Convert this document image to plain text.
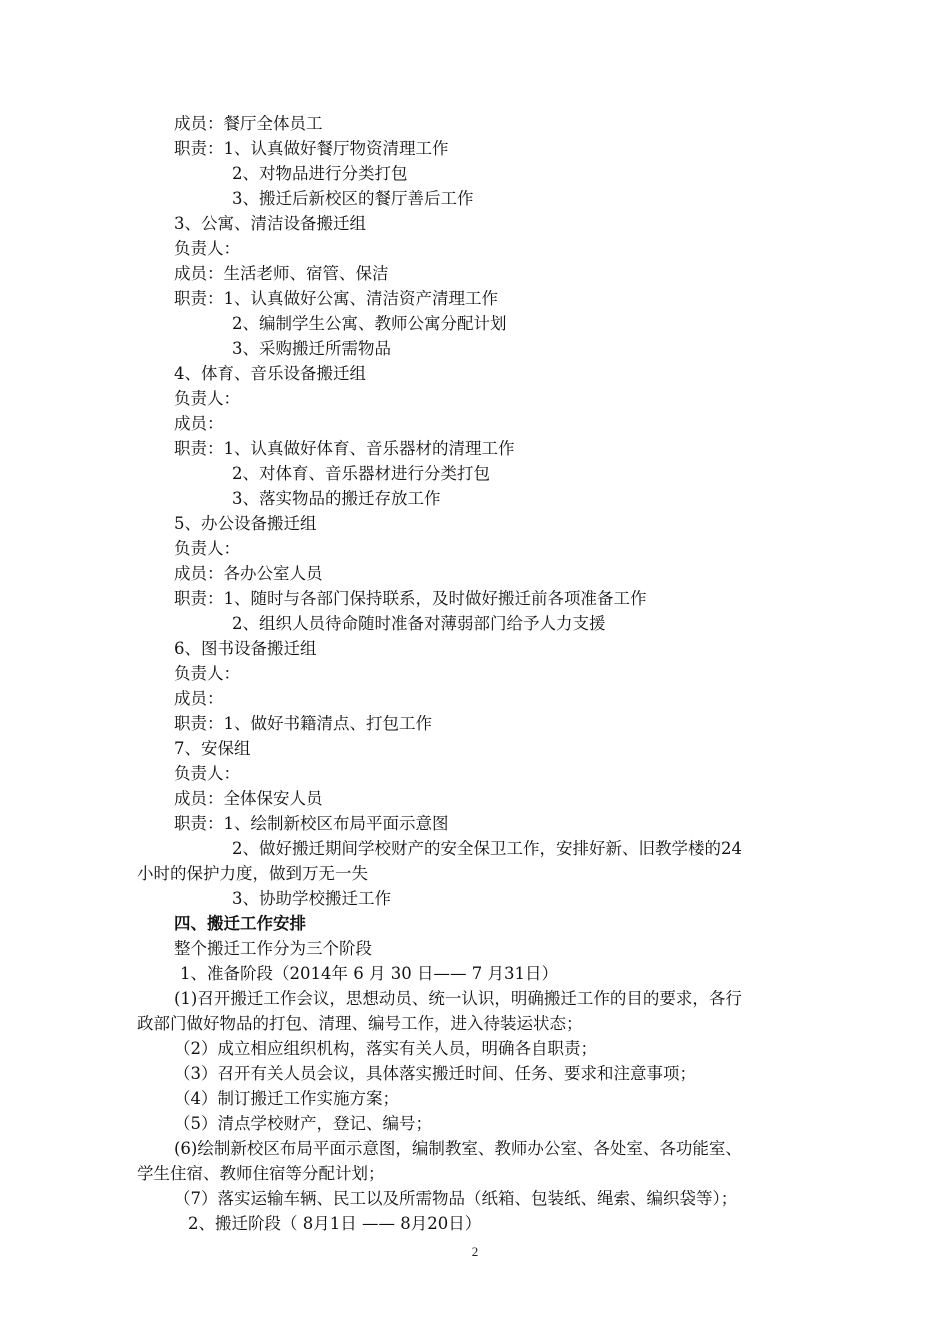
成员：餐厅全体员工
职责：1、认真做好餐厅物资清理工作
2、对物品进行分类打包
3、搬迁后新校区的餐厅善后工作
3、公寓、清洁设备搬迁组
负责人：
成员：生活老师、宿管、保洁
职责：1、认真做好公寓、清洁资产清理工作
2、编制学生公寓、教师公寓分配计划
3、采购搬迁所需物品
4、体育、音乐设备搬迁组
负责人：
成员：
职责：1、认真做好体育、音乐器材的清理工作
2、对体育、音乐器材进行分类打包
3、落实物品的搬迁存放工作
5、办公设备搬迁组
负责人：
成员：各办公室人员
职责：1、随时与各部门保持联系，及时做好搬迁前各项准备工作
2、组织人员待命随时准备对薄弱部门给予人力支援
6、图书设备搬迁组
负责人：
成员：
职责：1、做好书籍清点、打包工作
7、安保组
负责人：
成员：全体保安人员
职责：1、绘制新校区布局平面示意图
2、做好搬迁期间学校财产的安全保卫工作，安排好新、旧教学楼的24
小时的保护力度，做到万无一失
3、协助学校搬迁工作
四、搬迁工作安排
整个搬迁工作分为三个阶段
1、准备阶段（2014年 6 月 30 日—— 7 月31日）
(1)召开搬迁工作会议，思想动员、统一认识，明确搬迁工作的目的要求，各行
政部门做好物品的打包、清理、编号工作，进入待装运状态；
（2）成立相应组织机构，落实有关人员，明确各自职责；
（3）召开有关人员会议，具体落实搬迁时间、任务、要求和注意事项；
（4）制订搬迁工作实施方案；
（5）清点学校财产，登记、编号；
(6)绘制新校区布局平面示意图，编制教室、教师办公室、各处室、各功能室、
学生住宿、教师住宿等分配计划；
（7）落实运输车辆、民工以及所需物品（纸箱、包装纸、绳索、编织袋等）；
2、搬迁阶段（ 8月1日 —— 8月20日）
2
